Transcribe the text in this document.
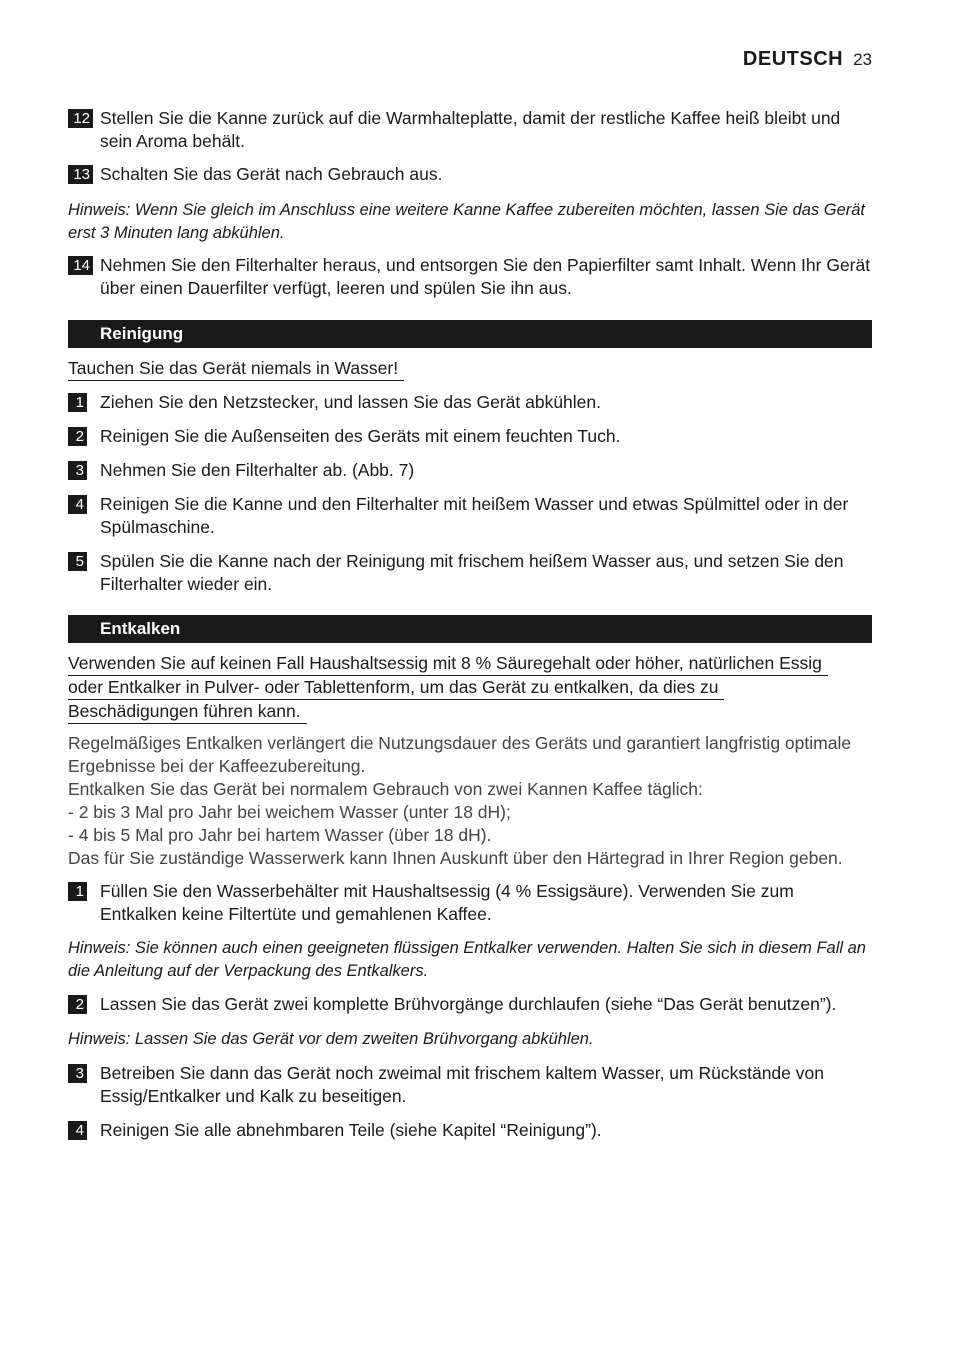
DEUTSCH 23
12 Stellen Sie die Kanne zurück auf die Warmhalteplatte, damit der restliche Kaffee heiß bleibt und sein Aroma behält.
13 Schalten Sie das Gerät nach Gebrauch aus.
Hinweis: Wenn Sie gleich im Anschluss eine weitere Kanne Kaffee zubereiten möchten, lassen Sie das Gerät erst 3 Minuten lang abkühlen.
14 Nehmen Sie den Filterhalter heraus, und entsorgen Sie den Papierfilter samt Inhalt. Wenn Ihr Gerät über einen Dauerfilter verfügt, leeren und spülen Sie ihn aus.
Reinigung
Tauchen Sie das Gerät niemals in Wasser!
1 Ziehen Sie den Netzstecker, und lassen Sie das Gerät abkühlen.
2 Reinigen Sie die Außenseiten des Geräts mit einem feuchten Tuch.
3 Nehmen Sie den Filterhalter ab. (Abb. 7)
4 Reinigen Sie die Kanne und den Filterhalter mit heißem Wasser und etwas Spülmittel oder in der Spülmaschine.
5 Spülen Sie die Kanne nach der Reinigung mit frischem heißem Wasser aus, und setzen Sie den Filterhalter wieder ein.
Entkalken
Verwenden Sie auf keinen Fall Haushaltsessig mit 8 % Säuregehalt oder höher, natürlichen Essig
oder Entkalker in Pulver- oder Tablettenform, um das Gerät zu entkalken, da dies zu
Beschädigungen führen kann.
Regelmäßiges Entkalken verlängert die Nutzungsdauer des Geräts und garantiert langfristig optimale
Ergebnisse bei der Kaffeezubereitung.
Entkalken Sie das Gerät bei normalem Gebrauch von zwei Kannen Kaffee täglich:
- 2 bis 3 Mal pro Jahr bei weichem Wasser (unter 18 dH);
- 4 bis 5 Mal pro Jahr bei hartem Wasser (über 18 dH).
Das für Sie zuständige Wasserwerk kann Ihnen Auskunft über den Härtegrad in Ihrer Region geben.
1 Füllen Sie den Wasserbehälter mit Haushaltsessig (4 % Essigsäure). Verwenden Sie zum Entkalken keine Filtertüte und gemahlenen Kaffee.
Hinweis: Sie können auch einen geeigneten flüssigen Entkalker verwenden. Halten Sie sich in diesem Fall an die Anleitung auf der Verpackung des Entkalkers.
2 Lassen Sie das Gerät zwei komplette Brühvorgänge durchlaufen (siehe “Das Gerät benutzen”).
Hinweis: Lassen Sie das Gerät vor dem zweiten Brühvorgang abkühlen.
3 Betreiben Sie dann das Gerät noch zweimal mit frischem kaltem Wasser, um Rückstände von Essig/Entkalker und Kalk zu beseitigen.
4 Reinigen Sie alle abnehmbaren Teile (siehe Kapitel “Reinigung”).
